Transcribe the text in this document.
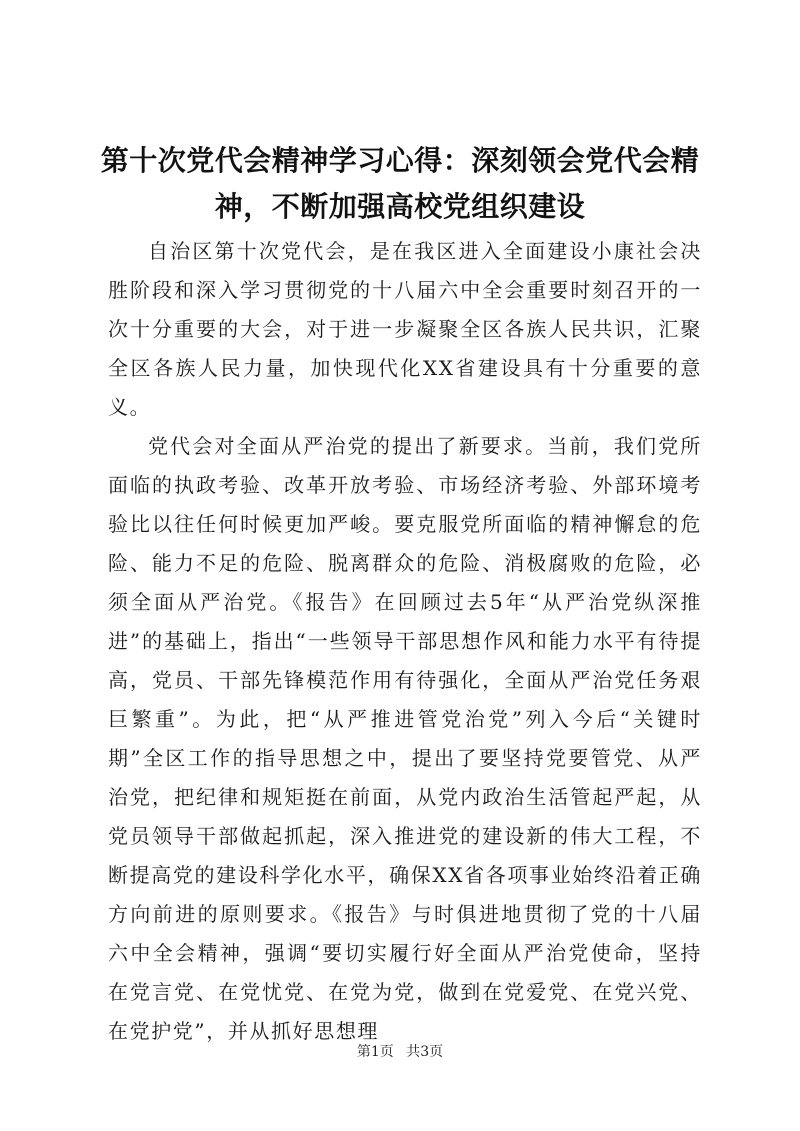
第十次党代会精神学习心得：深刻领会党代会精神，不断加强高校党组织建设

自治区第十次党代会，是在我区进入全面建设小康社会决胜阶段和深入学习贯彻党的十八届六中全会重要时刻召开的一次十分重要的大会，对于进一步凝聚全区各族人民共识，汇聚全区各族人民力量，加快现代化XX省建设具有十分重要的意义。

党代会对全面从严治党的提出了新要求。当前，我们党所面临的执政考验、改革开放考验、市场经济考验、外部环境考验比以往任何时候更加严峻。要克服党所面临的精神懈怠的危险、能力不足的危险、脱离群众的危险、消极腐败的危险，必须全面从严治党。《报告》在回顾过去5年“从严治党纵深推进”的基础上，指出“一些领导干部思想作风和能力水平有待提高，党员、干部先锋模范作用有待强化，全面从严治党任务艰巨繁重”。为此，把“从严推进管党治党”列入今后“关键时期”全区工作的指导思想之中，提出了要坚持党要管党、从严治党，把纪律和规矩挺在前面，从党内政治生活管起严起，从党员领导干部做起抓起，深入推进党的建设新的伟大工程，不断提高党的建设科学化水平，确保XX省各项事业始终沿着正确方向前进的原则要求。《报告》与时俱进地贯彻了党的十八届六中全会精神，强调“要切实履行好全面从严治党使命，坚持在党言党、在党忧党、在党为党，做到在党爱党、在党兴党、在党护党”，并从抓好思想理

第1页 共3页
